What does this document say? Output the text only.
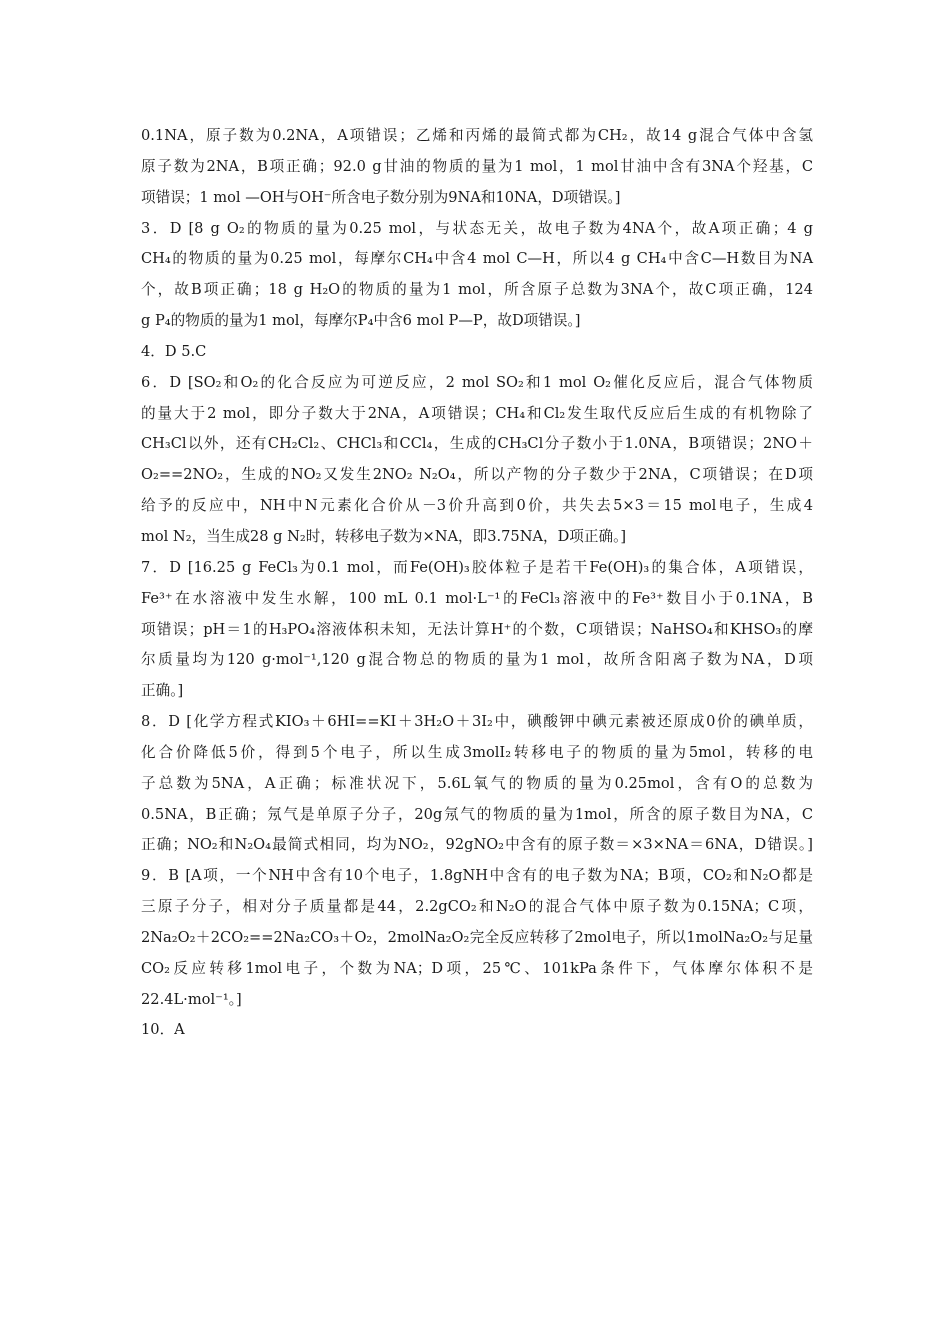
0.1NA，原子数为0.2NA，A项错误；乙烯和丙烯的最简式都为CH₂，故14 g混合气体中含氢
原子数为2NA，B项正确；92.0 g甘油的物质的量为1 mol，1 mol甘油中含有3NA个羟基，C
项错误；1 mol —OH与OH⁻所含电子数分别为9NA和10NA，D项错误。]
3．D [8 g O₂的物质的量为0.25 mol，与状态无关，故电子数为4NA个，故A项正确；4 g
CH₄的物质的量为0.25 mol，每摩尔CH₄中含4 mol C—H，所以4 g CH₄中含C—H数目为NA
个，故B项正确；18 g H₂O的物质的量为1 mol，所含原子总数为3NA个，故C项正确，124
g P₄的物质的量为1 mol，每摩尔P₄中含6 mol P—P，故D项错误。]
4．D 5.C
6．D [SO₂和O₂的化合反应为可逆反应，2 mol SO₂和1 mol O₂催化反应后，混合气体物质
的量大于2 mol，即分子数大于2NA，A项错误；CH₄和Cl₂发生取代反应后生成的有机物除了
CH₃Cl以外，还有CH₂Cl₂、CHCl₃和CCl₄，生成的CH₃Cl分子数小于1.0NA，B项错误；2NO＋
O₂==2NO₂，生成的NO₂又发生2NO₂ N₂O₄，所以产物的分子数少于2NA，C项错误；在D项
给予的反应中，NH中N元素化合价从－3价升高到0价，共失去5×3＝15 mol电子，生成4
mol N₂，当生成28 g N₂时，转移电子数为×NA，即3.75NA，D项正确。]
7．D [16.25 g FeCl₃为0.1 mol，而Fe(OH)₃胶体粒子是若干Fe(OH)₃的集合体，A项错误，
Fe³⁺在水溶液中发生水解，100 mL 0.1 mol·L⁻¹的FeCl₃溶液中的Fe³⁺数目小于0.1NA，B
项错误；pH＝1的H₃PO₄溶液体积未知，无法计算H⁺的个数，C项错误；NaHSO₄和KHSO₃的摩
尔质量均为120 g·mol⁻¹,120 g混合物总的物质的量为1 mol，故所含阳离子数为NA，D项
正确。]
8．D [化学方程式KIO₃＋6HI==KI＋3H₂O＋3I₂中，碘酸钾中碘元素被还原成0价的碘单质，
化合价降低5价，得到5个电子，所以生成3molI₂转移电子的物质的量为5mol，转移的电
子总数为5NA，A正确；标准状况下，5.6L氧气的物质的量为0.25mol，含有O的总数为
0.5NA，B正确；氖气是单原子分子，20g氖气的物质的量为1mol，所含的原子数目为NA，C
正确；NO₂和N₂O₄最简式相同，均为NO₂，92gNO₂中含有的原子数＝×3×NA＝6NA，D错误。]
9．B [A项，一个NH中含有10个电子，1.8gNH中含有的电子数为NA；B项，CO₂和N₂O都是
三原子分子，相对分子质量都是44，2.2gCO₂和N₂O的混合气体中原子数为0.15NA；C项，
2Na₂O₂＋2CO₂==2Na₂CO₃＋O₂，2molNa₂O₂完全反应转移了2mol电子，所以1molNa₂O₂与足量
CO₂反应转移1mol电子，个数为NA；D项，25℃、101kPa条件下，气体摩尔体积不是
22.4L·mol⁻¹。]
10．A
